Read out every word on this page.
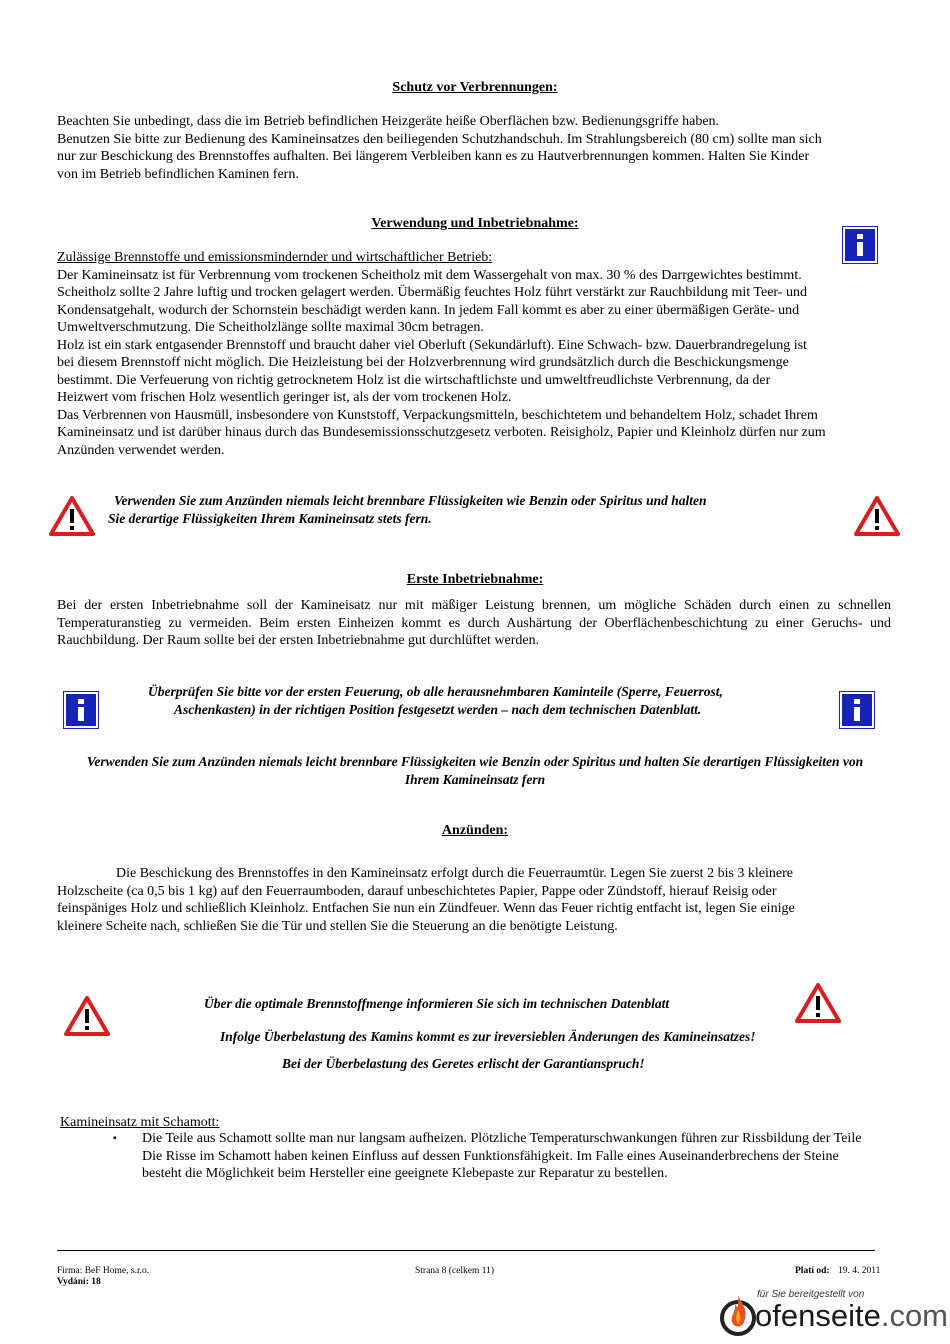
Schutz vor Verbrennungen:

Beachten Sie unbedingt, dass die im Betrieb befindlichen Heizgeräte heiße Oberflächen bzw. Bedienungsgriffe haben.

Benutzen Sie bitte zur Bedienung des Kamineinsatzes den beiliegenden Schutzhandschuh. Im Strahlungsbereich (80 cm) sollte man sich

nur zur Beschickung des Brennstoffes aufhalten. Bei längerem Verbleiben kann es zu Hautverbrennungen kommen. Halten Sie Kinder

von im Betrieb befindlichen Kaminen fern.

Verwendung und Inbetriebnahme:

Zulässige Brennstoffe und emissionsmindernder und wirtschaftlicher Betrieb:

Der Kamineinsatz ist für Verbrennung vom trockenen Scheitholz mit dem Wassergehalt von max. 30 % des Darrgewichtes bestimmt.

Scheitholz sollte 2 Jahre luftig und trocken gelagert werden. Übermäßig feuchtes Holz führt verstärkt zur Rauchbildung mit Teer- und

Kondensatgehalt, wodurch der Schornstein beschädigt werden kann. In jedem Fall kommt es aber zu einer übermäßigen Geräte- und

Umweltverschmutzung. Die Scheitholzlänge sollte maximal 30cm betragen.

Holz ist ein stark entgasender Brennstoff und braucht daher viel Oberluft (Sekundärluft). Eine Schwach- bzw. Dauerbrandregelung ist

bei diesem Brennstoff nicht möglich. Die Heizleistung bei der Holzverbrennung wird grundsätzlich durch die Beschickungsmenge

bestimmt. Die Verfeuerung von richtig getrocknetem Holz ist die wirtschaftlichste und umweltfreudlichste Verbrennung, da der

Heizwert vom frischen Holz wesentlich geringer ist, als der vom trockenen Holz.

Das Verbrennen von Hausmüll, insbesondere von Kunststoff, Verpackungsmitteln, beschichtetem und behandeltem Holz, schadet Ihrem

Kamineinsatz und ist darüber hinaus durch das Bundesemissionsschutzgesetz verboten. Reisigholz, Papier und Kleinholz dürfen nur zum

Anzünden verwendet werden.

Verwenden Sie zum Anzünden niemals leicht brennbare Flüssigkeiten wie Benzin oder Spiritus und halten
Sie derartige Flüssigkeiten Ihrem Kamineinsatz stets fern.
Erste Inbetriebnahme:

Bei der ersten Inbetriebnahme soll der Kamineisatz nur mit mäßiger Leistung brennen, um mögliche Schäden durch einen zu schnellen

Temperaturanstieg zu vermeiden. Beim ersten Einheizen kommt es durch Aushärtung der Oberflächenbeschichtung zu einer Geruchs- und

Rauchbildung. Der Raum sollte bei der ersten Inbetriebnahme gut durchlüftet werden.

Überprüfen Sie bitte vor der ersten Feuerung, ob alle herausnehmbaren Kaminteile (Sperre, Feuerrost,
Aschenkasten) in der richtigen Position festgesetzt werden – nach dem technischen Datenblatt.
Verwenden Sie zum Anzünden niemals leicht brennbare Flüssigkeiten wie Benzin oder Spiritus und halten Sie derartigen Flüssigkeiten von
Ihrem Kamineinsatz fern
Anzünden:

Die Beschickung des Brennstoffes in den Kamineinsatz erfolgt durch die Feuerraumtür. Legen Sie zuerst 2 bis 3 kleinere

Holzscheite (ca 0,5 bis 1 kg) auf den Feuerraumboden, darauf unbeschichtetes Papier, Pappe oder Zündstoff, hierauf Reisig oder

feinspäniges Holz und schließlich Kleinholz. Entfachen Sie nun ein Zündfeuer. Wenn das Feuer richtig entfacht ist, legen Sie einige

kleinere Scheite nach, schließen Sie die Tür und stellen Sie die Steuerung an die benötigte Leistung.

Über die optimale Brennstoffmenge informieren Sie sich im technischen Datenblatt
Infolge Überbelastung des Kamins kommt es zur ireversieblen Änderungen des Kamineinsatzes!
Bei der Überbelastung des Geretes erlischt der Garantianspruch!

Kamineinsatz mit Schamott:

▪ Die Teile aus Schamott sollte man nur langsam aufheizen. Plötzliche Temperaturschwankungen führen zur Rissbildung der Teile
Die Risse im Schamott haben keinen Einfluss auf dessen Funktionsfähigkeit. Im Falle eines Auseinanderbrechens der Steine
besteht die Möglichkeit beim Hersteller eine geeignete Klebepaste zur Reparatur zu bestellen.
Firma: BeF Home, s.r.o.
Vydání: 18
Strana 8 (celkem 11)	Platí od: 19. 4. 2011
für Sie bereitgestellt von
ofenseite.com
